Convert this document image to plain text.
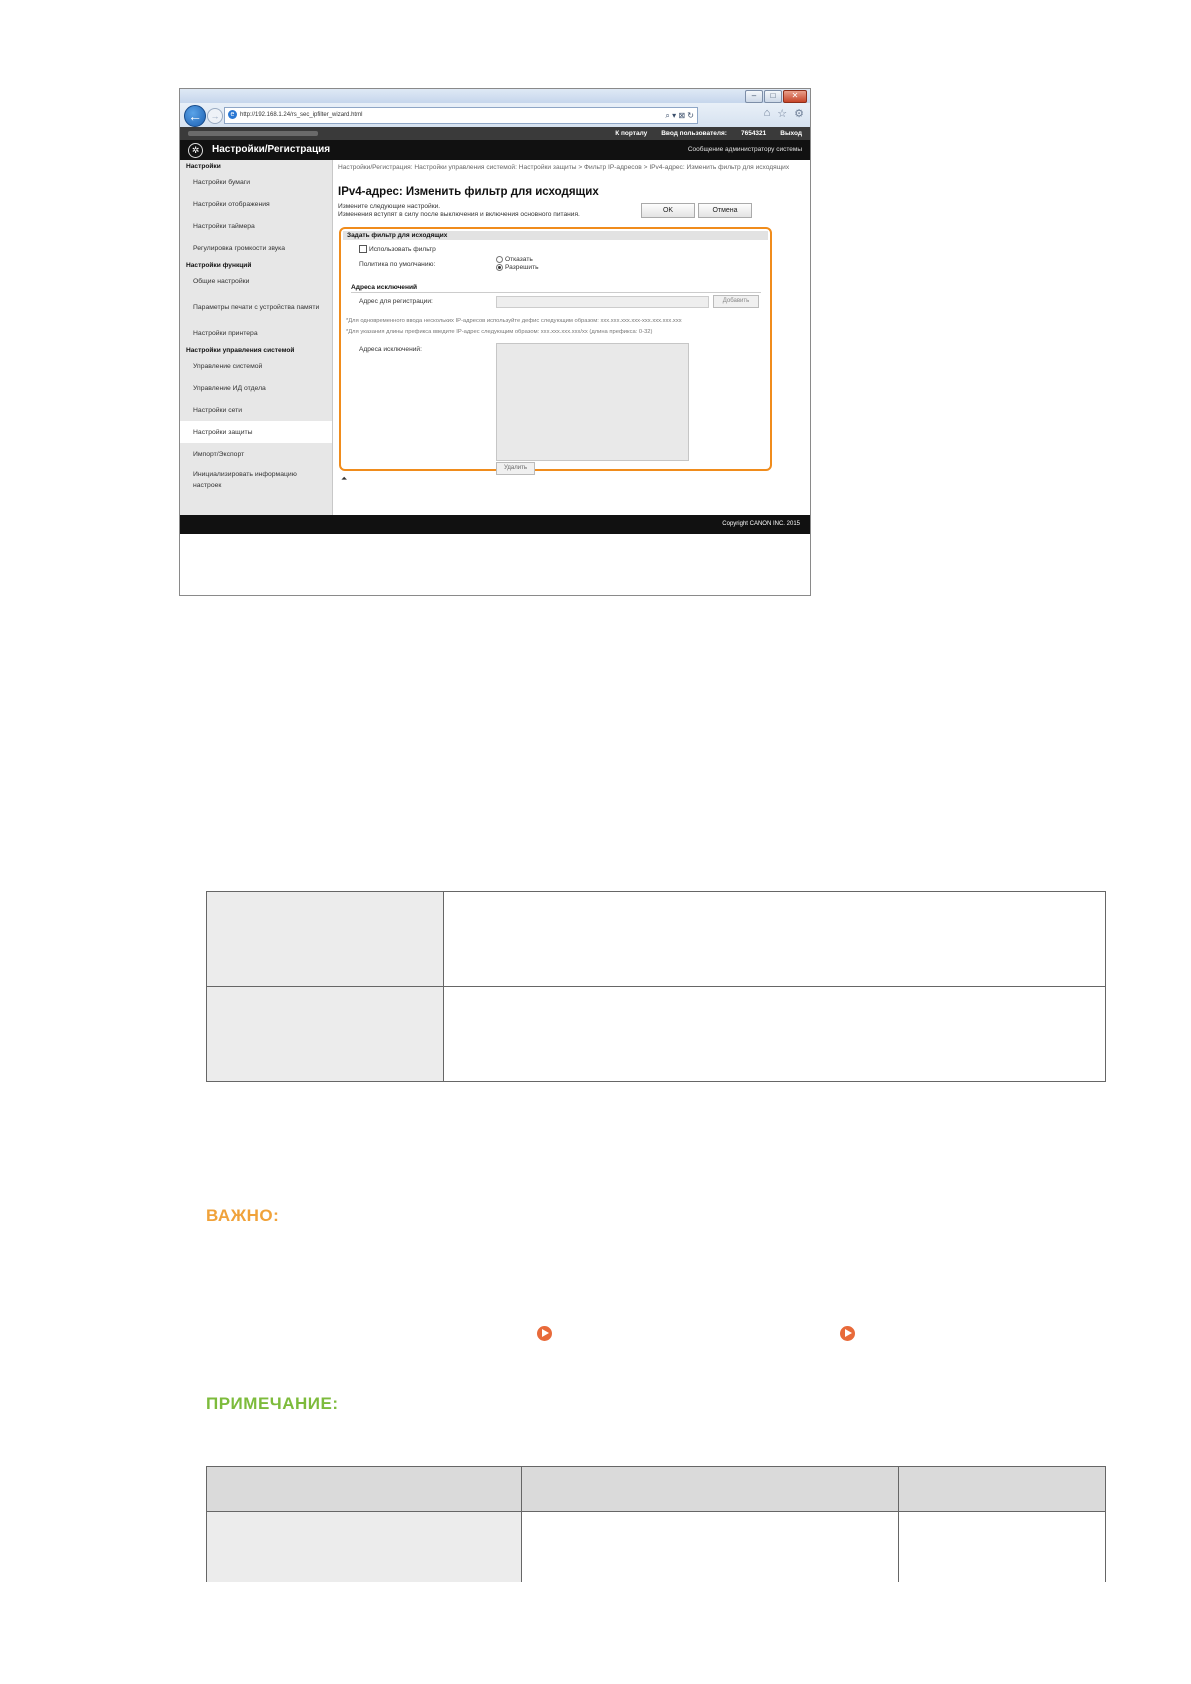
–	□	✕
← →	e http://192.168.1.24/rs_sec_ipfilter_wizard.html	⌕ ▾ ⊠ ↻	⌂ ☆ ⚙
К порталу Ввод пользователя: 7654321 Выход
✲	Настройки/Регистрация	Сообщение администратору системы
Настройки
Настройки бумаги
Настройки отображения
Настройки таймера
Регулировка громкости звука
Настройки функций
Общие настройки
Параметры печати с устройства памяти
Настройки принтера
Настройки управления системой
Управление системой
Управление ИД отдела
Настройки сети
Настройки защиты
Импорт/Экспорт
Инициализировать информацию настроек
Настройки/Регистрация: Настройки управления системой: Настройки защиты > Фильтр IP-адресов > IPv4-адрес: Изменить фильтр для исходящих
IPv4-адрес: Изменить фильтр для исходящих
Измените следующие настройки.
Изменения вступят в силу после выключения и включения основного питания.
OK	Отмена
Задать фильтр для исходящих
Использовать фильтр
Политика по умолчанию:
Отказать
Разрешить
Адреса исключений
Адрес для регистрации:	Добавить
*Для одновременного ввода нескольких IP-адресов используйте дефис следующим образом: xxx.xxx.xxx.xxx-xxx.xxx.xxx.xxx
*Для указания длины префикса введите IP-адрес следующим образом: xxx.xxx.xxx.xxx/xx (длина префикса: 0-32)
Адреса исключений:
Удалить
⏶
Copyright CANON INC. 2015

ВАЖНО:
ПРИМЕЧАНИЕ:
